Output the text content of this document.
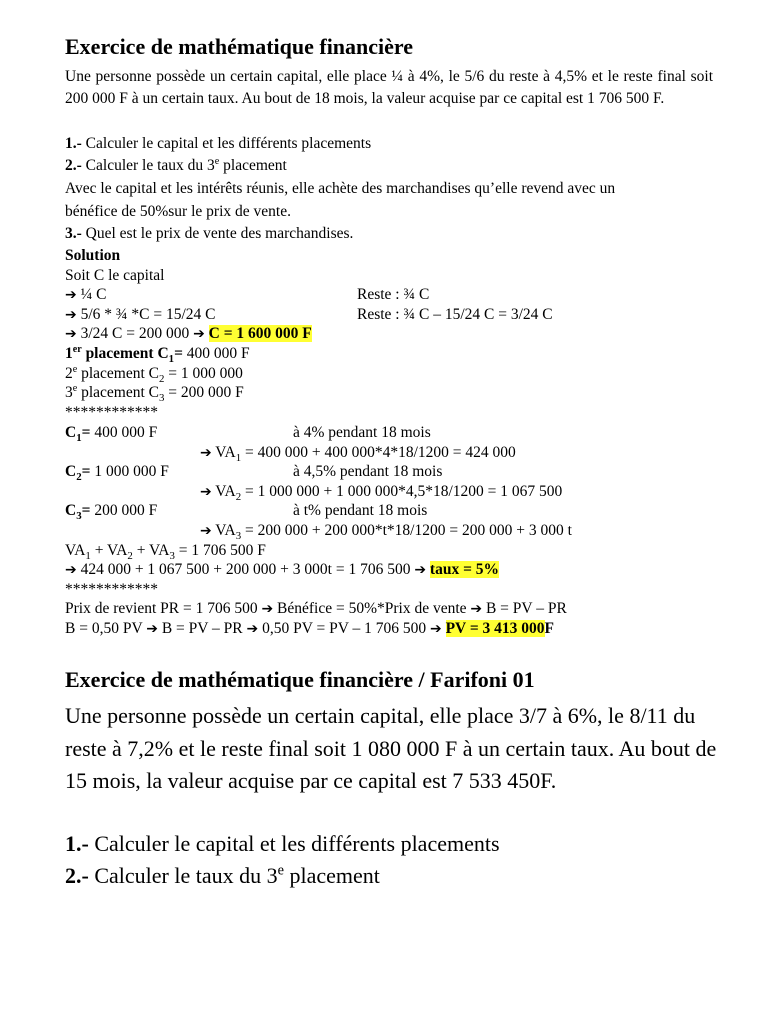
Exercice de mathématique financière

Une personne possède un certain capital, elle place ¼ à 4%, le 5/6 du reste à 4,5% et le reste final soit 200 000 F à un certain taux. Au bout de 18 mois, la valeur acquise par ce capital est 1 706 500 F.

1.- Calculer le capital et les différents placements
2.- Calculer le taux du 3e placement
Avec le capital et les intérêts réunis, elle achète des marchandises qu’elle revend avec un
bénéfice de 50%sur le prix de vente.
3.- Quel est le prix de vente des marchandises.
Solution
Soit C le capital
➔ ¼ C	Reste : ¾ C
➔ 5/6 * ¾ *C = 15/24 C	Reste : ¾ C – 15/24 C = 3/24 C
➔ 3/24 C = 200 000 ➔ C = 1 600 000 F
1er placement $C_1= 400$ 000 F
2e placement $C_2 = 1$ 000 000
3e placement $C_3 = 200$ 000 F
************
$C_1= 400$ 000 F	à 4% pendant 18 mois
➔ $VA_1 = 400$ 000 + 400 000*4*18/1200 = 424 000
$C_2= 1$ 000 000 F	à 4,5% pendant 18 mois
➔ $VA_2 = 1$ 000 000 + 1 000 000*4,5*18/1200 = 1 067 500
$C_3= 200$ 000 F	à t% pendant 18 mois
➔ $VA_3 = 200$ 000 + 200 000*t*18/1200 = 200 000 + 3 000 t
$VA_1 + VA_2 + VA_3 = 1$ 706 500 F
➔ 424 000 + 1 067 500 + 200 000 + 3 000t = 1 706 500 ➔ taux = 5%
************
Prix de revient PR = 1 706 500 ➔ Bénéfice = 50%*Prix de vente ➔ B = PV – PR
B = 0,50 PV ➔ B = PV – PR ➔ 0,50 PV = PV – 1 706 500 ➔ PV = 3 413 000F
Exercice de mathématique financière / Farifoni 01

Une personne possède un certain capital, elle place 3/7 à 6%, le 8/11 du reste à 7,2% et le reste final soit 1 080 000 F à un certain taux. Au bout de 15 mois, la valeur acquise par ce capital est 7 533 450F.

1.- Calculer le capital et les différents placements
2.- Calculer le taux du 3e placement
